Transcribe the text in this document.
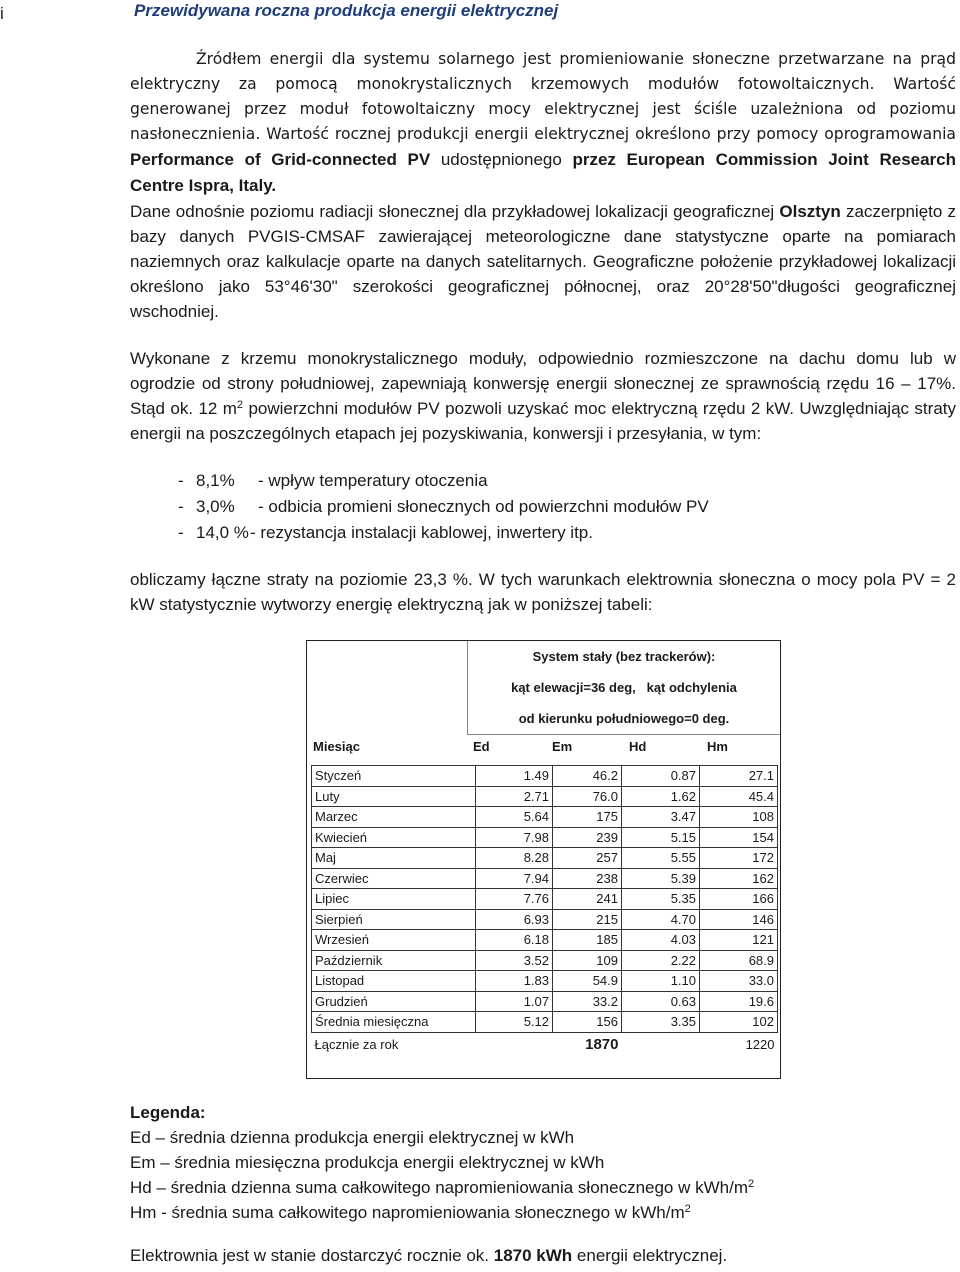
i	Przewidywana roczna produkcja energii elektrycznej

Źródłem energii dla systemu solarnego jest promieniowanie słoneczne przetwarzane na prąd elektryczny za pomocą monokrystalicznych krzemowych modułów fotowoltaicznych. Wartość generowanej przez moduł fotowoltaiczny mocy elektrycznej jest ściśle uzależniona od poziomu nasłonecznienia. Wartość rocznej produkcji energii elektrycznej określono przy pomocy oprogramowania Performance of Grid-connected PV udostępnionego przez European Commission Joint Research Centre Ispra, Italy.

Dane odnośnie poziomu radiacji słonecznej dla przykładowej lokalizacji geograficznej Olsztyn zaczerpnięto z bazy danych PVGIS-CMSAF zawierającej meteorologiczne dane statystyczne oparte na pomiarach naziemnych oraz kalkulacje oparte na danych satelitarnych. Geograficzne położenie przykładowej lokalizacji określono jako 53°46'30" szerokości geograficznej północnej, oraz 20°28'50"długości geograficznej wschodniej.

Wykonane z krzemu monokrystalicznego moduły, odpowiednio rozmieszczone na dachu domu lub w ogrodzie od strony południowej, zapewniają konwersję energii słonecznej ze sprawnością rzędu 16 – 17%. Stąd ok. 12 $m^2$ powierzchni modułów PV pozwoli uzyskać moc elektryczną rzędu 2 kW. Uwzględniając straty energii na poszczególnych etapach jej pozyskiwania, konwersji i przesyłania, w tym:

- 8,1% - wpływ temperatury otoczenia
- 3,0% - odbicia promieni słonecznych od powierzchni modułów PV
- 14,0 %- rezystancja instalacji kablowej, inwertery itp.

obliczamy łączne straty na poziomie 23,3 %. W tych warunkach elektrownia słoneczna o mocy pola PV = 2 kW statystycznie wytworzy energię elektryczną jak w poniższej tabeli:

System stały (bez trackerów):
kąt elewacji=36 deg,   kąt odchylenia
od kierunku południowego=0 deg.
Miesiąc	Ed	Em	Hd	Hm
Styczeń	1.49	46.2	0.87	27.1
Luty	2.71	76.0	1.62	45.4
Marzec	5.64	175	3.47	108
Kwiecień	7.98	239	5.15	154
Maj	8.28	257	5.55	172
Czerwiec	7.94	238	5.39	162
Lipiec	7.76	241	5.35	166
Sierpień	6.93	215	4.70	146
Wrzesień	6.18	185	4.03	121
Październik	3.52	109	2.22	68.9
Listopad	1.83	54.9	1.10	33.0
Grudzień	1.07	33.2	0.63	19.6
Średnia miesięczna	5.12	156	3.35	102
Łącznie za rok		1870		1220
Legenda:
Ed – średnia dzienna produkcja energii elektrycznej w kWh
Em – średnia miesięczna produkcja energii elektrycznej w kWh
Hd – średnia dzienna suma całkowitego napromieniowania słonecznego w kWh/$m^2$
Hm - średnia suma całkowitego napromieniowania słonecznego w kWh/$m^2$
Elektrownia jest w stanie dostarczyć rocznie ok. 1870 kWh energii elektrycznej.
